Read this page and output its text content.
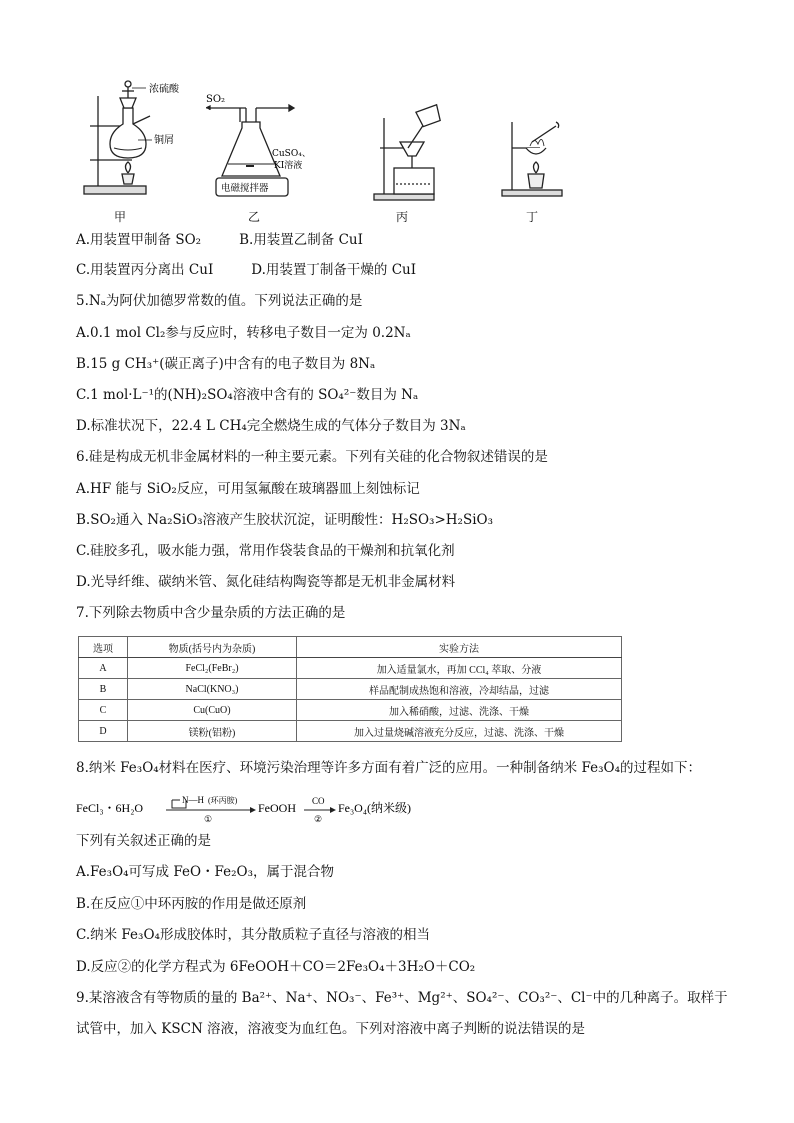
浓硫酸
铜屑
甲
SO₂
CuSO₄、
KI溶液
电磁搅拌器
乙	丙	丁
A.用装置甲制备 SO₂	B.用装置乙制备 CuI
C.用装置丙分离出 CuI	D.用装置丁制备干燥的 CuI
5.Nₐ为阿伏加德罗常数的值。下列说法正确的是
A.0.1 mol Cl₂参与反应时，转移电子数目一定为 0.2Nₐ
B.15 g CH₃⁺(碳正离子)中含有的电子数目为 8Nₐ
C.1 mol·L⁻¹的(NH)₂SO₄溶液中含有的 SO₄²⁻数目为 Nₐ
D.标准状况下，22.4 L CH₄完全燃烧生成的气体分子数目为 3Nₐ
6.硅是构成无机非金属材料的一种主要元素。下列有关硅的化合物叙述错误的是
A.HF 能与 SiO₂反应，可用氢氟酸在玻璃器皿上刻蚀标记
B.SO₂通入 Na₂SiO₃溶液产生胶状沉淀，证明酸性：H₂SO₃>H₂SiO₃
C.硅胶多孔，吸水能力强，常用作袋装食品的干燥剂和抗氧化剂
D.光导纤维、碳纳米管、氮化硅结构陶瓷等都是无机非金属材料
7.下列除去物质中含少量杂质的方法正确的是
选项	物质(括号内为杂质)	实验方法
A	FeCl₂(FeBr₂)	加入适量氯水，再加 CCl₄ 萃取、分液
B	NaCl(KNO₃)	样品配制成热饱和溶液，冷却结晶，过滤
C	Cu(CuO)	加入稀硝酸，过滤、洗涤、干燥
D	镁粉(铝粉)	加入过量烧碱溶液充分反应，过滤、洗涤、干燥
8.纳米 Fe₃O₄材料在医疗、环境污染治理等许多方面有着广泛的应用。一种制备纳米 Fe₃O₄的过程如下：
FeCl₃・6H₂O
N—H (环丙胺)
①
FeOOH CO
②
Fe₃O₄(纳米级)
下列有关叙述正确的是
A.Fe₃O₄可写成 FeO・Fe₂O₃，属于混合物
B.在反应①中环丙胺的作用是做还原剂
C.纳米 Fe₃O₄形成胶体时，其分散质粒子直径与溶液的相当
D.反应②的化学方程式为 6FeOOH＋CO＝2Fe₃O₄＋3H₂O＋CO₂
9.某溶液含有等物质的量的 Ba²⁺、Na⁺、NO₃⁻、Fe³⁺、Mg²⁺、SO₄²⁻、CO₃²⁻、Cl⁻中的几种离子。取样于
试管中，加入 KSCN 溶液，溶液变为血红色。下列对溶液中离子判断的说法错误的是
